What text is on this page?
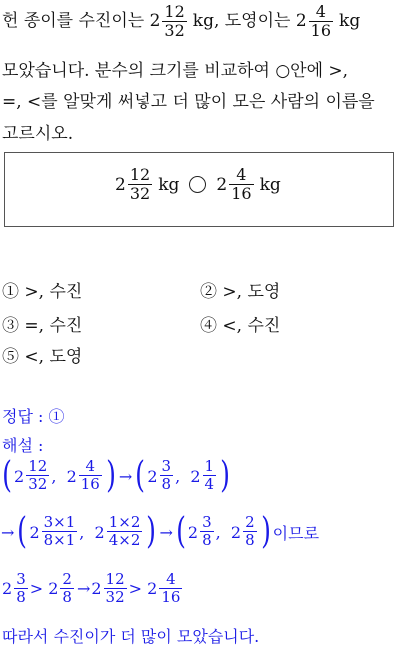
헌 종이를 수진이는 $2 \frac{12}{32}$ kg, 도영이는 $2 \frac{4}{16}$ kg
모았습니다. 분수의 크기를 비교하여 ○안에 >,
=, <를 알맞게 써넣고 더 많이 모은 사람의 이름을
고르시오.
$2 \frac{12}{32}$ kg $2 \frac{4}{16}$ kg
① >, 수진	② >, 도영
③ =, 수진	④ <, 수진
⑤ <, 도영
정답 : ①
해설 :
( $2 \frac{12}{32}$ ,  $2 \frac{4}{16}$ ) → ( $2 \frac{3}{8}$ ,  $2 \frac{1}{4}$ )
→ ( $2 \frac{3\times 1}{8\times 1}$ ,  $2 \frac{1\times 2}{4\times 2}$ ) → ( $2 \frac{3}{8}$ ,  $2 \frac{2}{8}$ ) 이므로
$2 \frac{3}{8} > 2 \frac{2}{8} \to 2 \frac{12}{32} > 2 \frac{4}{16}$
따라서 수진이가 더 많이 모았습니다.
